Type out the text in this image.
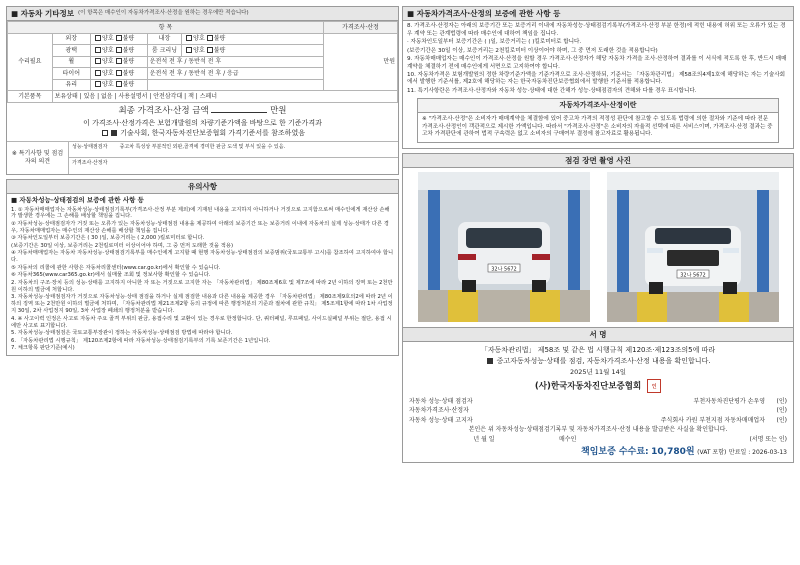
■ 자동차 기타정보 (이 항목은 매수인이 자동차가격조사·산정을 원하는 경우에만 적습니다)
항 목					가격조사·산정
수리필요	외장	양호 불량	내장	양호 불량	만원
	광택	양호 불량	룸 크리닝	양호 불량	
	휠	양호 불량	운전석 전 후 / 동반석 전 후		
	타이어	양호 불량	운전석 전 후 / 동반석 전 후 / 응급		
	유리	양호 불량			
기본품목	보유상태 | 있음 | 없음 | 사용설명서 | 안전삼각대 | 잭 | 스페너				
최종 가격조사·산정 금액	만원
이 가격조사·산정가격은 보험개발원의 차량기준가액을 바탕으로 한 기준가격과
기술사회, 한국자동차진단보증협회 가격기준서를 참조하였음
※ 특기사항 및 점검자의 의견
성능·상태점검자 중고차 특성상 부분적인 외판,골격에 경미한 판금 도색 및 부식 있을 수 있음.
가격조사·산정자
유의사항
■ 자동차성능·상태점검의 보증에 관한 사항 등
1. ① 자동차매매업자는 자동차성능·상태점검기록부(가격조사·산정 부분 제외)에 기재된 내용을 고지하지 아니하거나 거짓으로 고지함으로써 매수인에게 재산상 손해가 발생한 경우에는 그 손해를 배상할 책임을 집니다.
② 자동차성능·상태점검자가 거짓 또는 오류가 있는 자동차성능·상태점검 내용을 제공하여 아래의 보증기간 또는 보증거리 이내에 자동차의 실제 성능·상태가 다른 경우, 자동차매매업자는 매수인의 재산상 손해를 배상할 책임을 집니다.
③ 자동차인도일부터 보증기간은 ( 30 )일, 보증거리는 ( 2,000 )킬로미터로 합니다.
(보증기간은 30일 이상, 보증거리는 2천킬로미터 이상이어야 하며, 그 중 먼저 도래한 것을 적용)
④ 자동차매매업자는 자동차 자동차성능·상태점검기록부를 매수인에게 고지할 때 현행 자동차성능·상태점검의 보증범위(국토교통부 고시)를 참조하여 고지하여야 합니다.
⑤ 자동차의 리콜에 관한 사항은 자동차리콜센터(www.car.go.kr)에서 확인할 수 있습니다.
⑥ 자동차365(www.car365.go.kr)에서 실매물 조회 및 정보사항 확인할 수 있습니다.
2. 자동차의 구조·장치 등의 성능·상태를 고지하지 아니한 자 또는 거짓으로 고지한 자는 「자동차관리법」 제80조제6호 및 제7조에 따라 2년 이하의 징역 또는 2천만원 이하의 벌금에 처합니다.
3. 자동차성능·상태점검자가 거짓으로 자동차성능·상태 점검을 하거나 실제 점검한 내용과 다른 내용을 제공한 경우 「자동차관리법」 제80조제9호의2에 따라 2년 이하의 징역 또는 2천만원 이하의 벌금에 처하며, 「자동차관리법 제21조제2항 등의 규정에 따른 행정처분의 기준과 절차에 관한 규칙」 제5조제1항에 따라 1차 사업정지 30일, 2차 사업정지 90일, 3차 사업장 폐쇄의 행정처분을 받습니다.
4. ※ 사고이력 인정은 사고로 자동차 주요 골격 부위의 판금, 용접수리 및 교환이 있는 경우로 한정합니다. 단, 쿼터패널, 루프패널, 사이드실패널 부위는 절단, 용접 시에만 사고로 표기합니다.
5. 자동차성능·상태점검은 국토교통부장관이 정하는 자동차성능·상태점검 방법에 따라야 합니다.
6. 「자동차관리법 시행규칙」 제120조제2항에 따라 자동차성능·상태점검기록부의 기록 보존기간은 1년입니다.
7. 체크항목 판단기준(예시)
■ 자동차가격조사·산정의 보증에 관한 사항 등
8. 가격조사·산정자는 아래의 보증기간 또는 보증거리 이내에 자동차성능·상태점검기록부(가격조사·산정 부분 한정)에 적힌 내용에 허위 또는 오류가 있는 경우 계약 또는 관계법령에 따라 매수인에 대하여 책임을 집니다.
· 자동차인도일부터 보증기간은 ( )일, 보증거리는 ( )킬로미터로 합니다.
(보증기간은 30일 이상, 보증거리는 2천킬로미터 이상이어야 하며, 그 중 먼저 도래한 것을 적용합니다)
9. 자동차매매업자는 매수인이 가격조사·산정을 원할 경우 가격조사·산정자가 해당 자동차 가격을 조사·산정하여 결과를 이 서식에 적도록 한 후, 반드시 매매계약을 체결하기 전에 매수인에게 서면으로 고지하여야 합니다.
10. 자동차가격은 보험개발원의 정한 차량기준가액을 기준가격으로 조사·산정하되, 기준서는 「자동차관리법」 제58조의4제1호에 해당하는 자는 기술사회에서 발행한 기준서를, 제2호에 해당하는 자는 한국자동차진단보증협회에서 발행한 기준서를 적용합니다.
11. 특기사항란은 가격조사·산정자와 자동차 성능·상태에 대한 간해가 성능·상태점검자의 견해와 다를 경우 표시합니다.
자동차가격조사·산정이란
※ "가격조사·산정"은 소비자가 매매계약을 체결함에 있어 중고차 가격의 적정성 판단에 참고할 수 있도록 법령에 의한 절차와 기준에 따라 전문 가격조사·산정인이 객관적으로 제시한 가액입니다. 따라서 "가격조사·산정"은 소비자의 자율적 선택에 따른 서비스이며, 가격조사·산정 결과는 중고차 가격판단에 관하여 법적 구속력은 없고 소비자의 구매여부 결정에 참고자료로 활용됩니다.
점검 장면 촬영 사진
32나 5672
32나 5672
서 명
「자동차관리법」 제58조 및 같은 법 시행규칙 제120조·제123조의5에 따라
중고자동차성능·상태를 점검, 자동차가격조사·산정 내용을 확인합니다.
2025년 11월 14일
(사)한국자동차진단보증협회 인
자동차 성능·상태 점검자	부천자동차진단평가 손우영	(인)
자동차가격조사·산정자	(인)
자동차 성능·상태 고지자	주식회사 카원 부천지점 자동차매매업자	(인)
본인은 위 자동차성능·상태점검기록부 및 자동차가격조사·산정 내용을 발급받은 사실을 확인합니다.
년 월 일	매수인	(서명 또는 인)
책임보증 수수료: 10,780원 (VAT 포함) 만료일 : 2026-03-13
